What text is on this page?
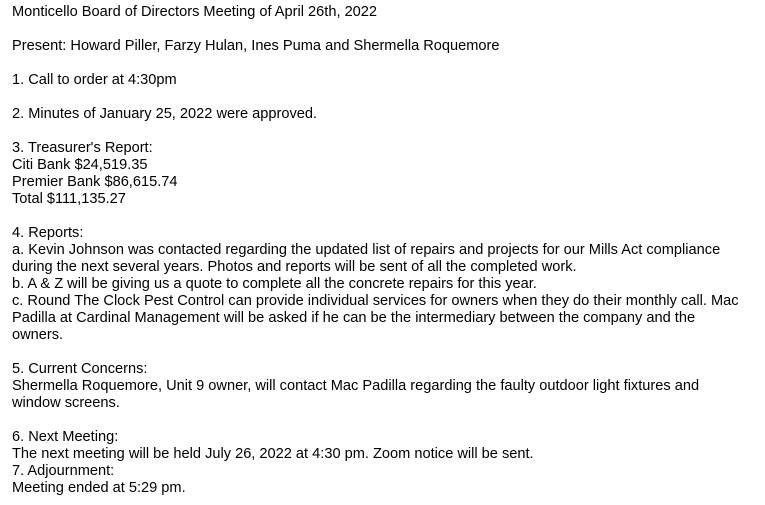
Monticello Board of Directors Meeting of April 26th, 2022
Present: Howard Piller, Farzy Hulan, Ines Puma and Shermella Roquemore
1. Call to order at 4:30pm
2. Minutes of January 25, 2022 were approved.
3. Treasurer's Report:
Citi Bank $24,519.35
Premier Bank $86,615.74
Total $111,135.27
4. Reports:
a. Kevin Johnson was contacted regarding the updated list of repairs and projects for our Mills Act compliance during the next several years. Photos and reports will be sent of all the completed work.
b. A & Z will be giving us a quote to complete all the concrete repairs for this year.
c. Round The Clock Pest Control can provide individual services for owners when they do their monthly call. Mac Padilla at Cardinal Management will be asked if he can be the intermediary between the company and the owners.
5. Current Concerns:
Shermella Roquemore, Unit 9 owner, will contact Mac Padilla regarding the faulty outdoor light fixtures and window screens.
6. Next Meeting:
The next meeting will be held July 26, 2022 at 4:30 pm. Zoom notice will be sent.
7. Adjournment:
Meeting ended at 5:29 pm.
